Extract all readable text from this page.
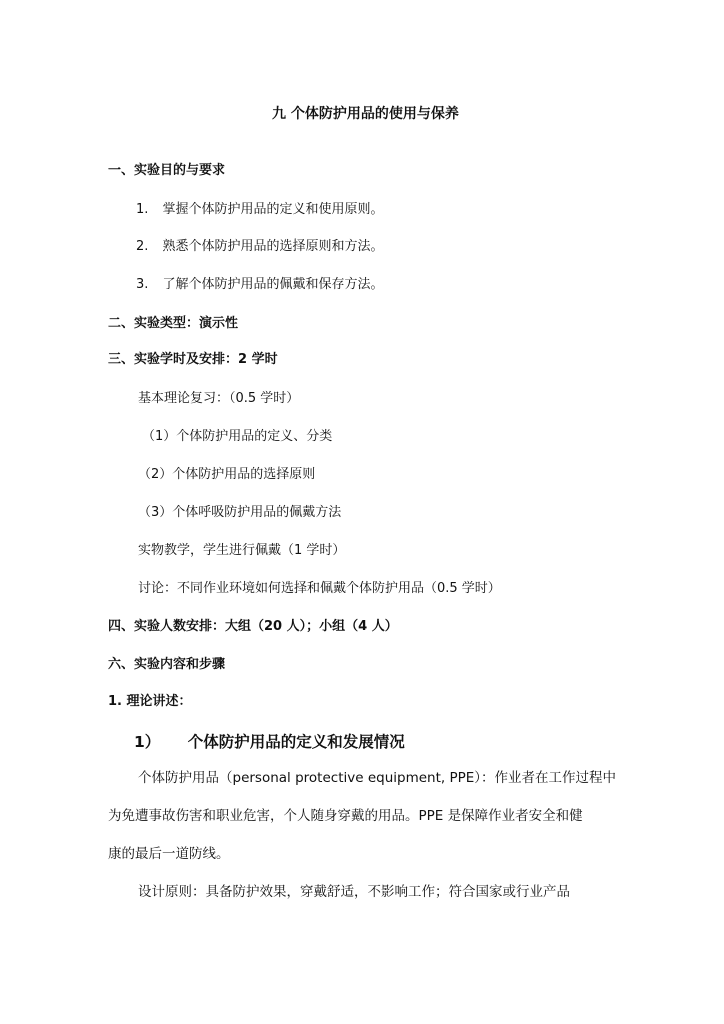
九 个体防护用品的使用与保养
一、实验目的与要求
1. 掌握个体防护用品的定义和使用原则。
2. 熟悉个体防护用品的选择原则和方法。
3. 了解个体防护用品的佩戴和保存方法。
二、实验类型：演示性
三、实验学时及安排：2 学时
基本理论复习：（0.5 学时）
（1）个体防护用品的定义、分类
（2）个体防护用品的选择原则
（3）个体呼吸防护用品的佩戴方法
实物教学，学生进行佩戴（1 学时）
讨论：不同作业环境如何选择和佩戴个体防护用品（0.5 学时）
四、实验人数安排：大组（20 人）；小组（4 人）
六、实验内容和步骤
1. 理论讲述：
1） 个体防护用品的定义和发展情况
个体防护用品（personal protective equipment, PPE）：作业者在工作过程中
为免遭事故伤害和职业危害，个人随身穿戴的用品。PPE 是保障作业者安全和健
康的最后一道防线。
设计原则：具备防护效果，穿戴舒适，不影响工作；符合国家或行业产品
